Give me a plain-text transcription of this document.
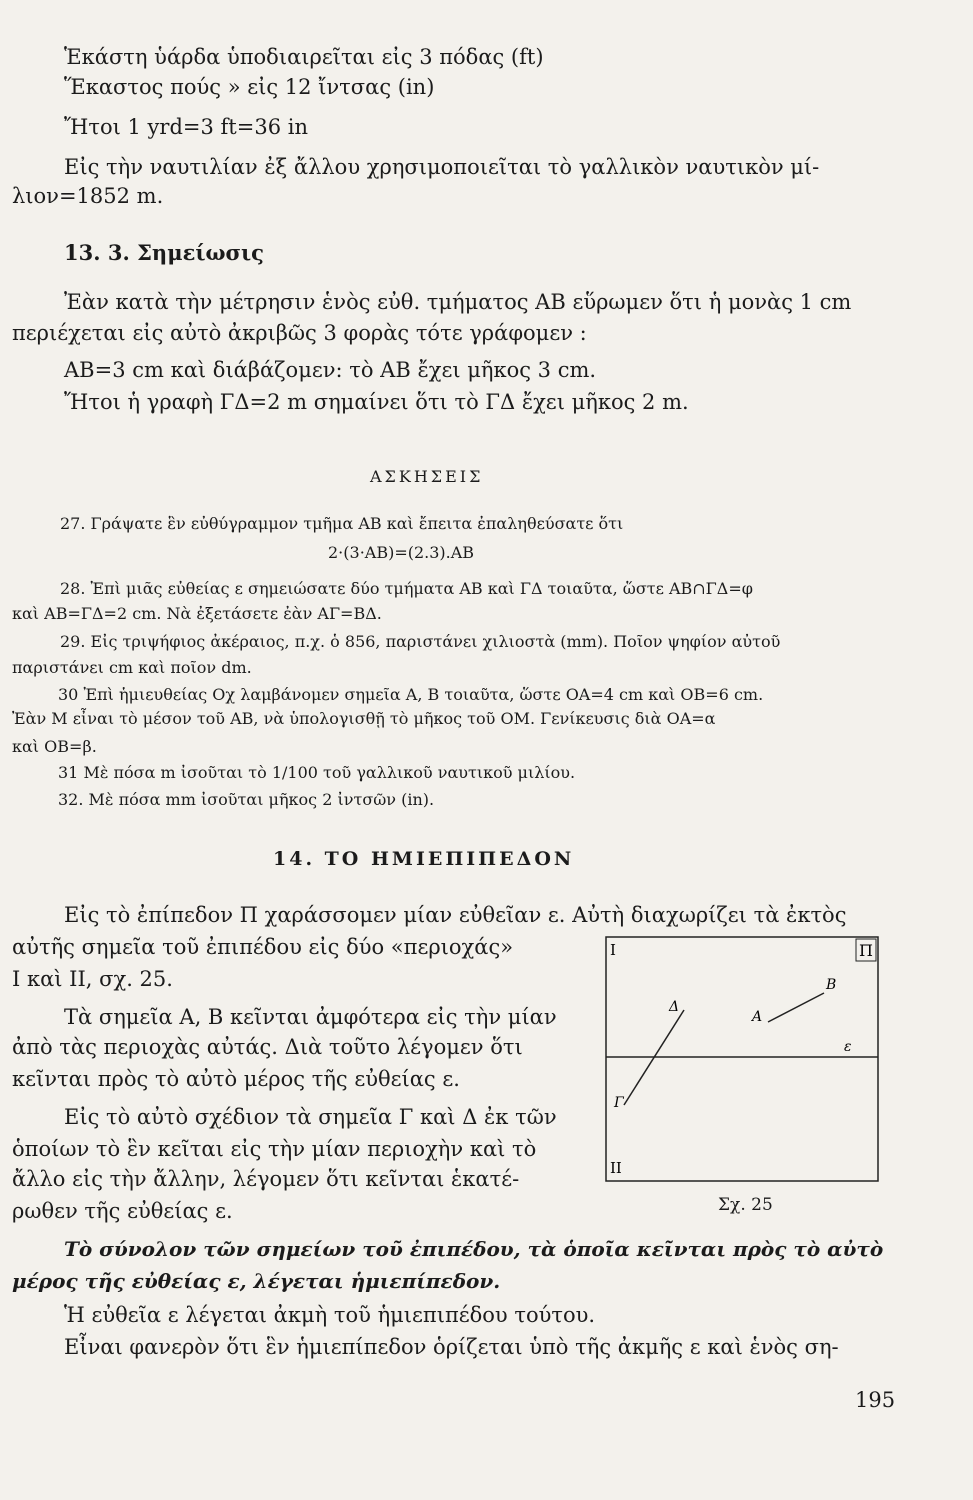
Ἑκάστη ὑάρδα ὑποδιαιρεῖται εἰς 3 πόδας (ft)
Ἕκαστος πούς » εἰς 12 ἴντσας (in)
Ἤτοι 1 yrd=3 ft=36 in
Εἰς τὴν ναυτιλίαν ἐξ ἄλλου χρησιμοποιεῖται τὸ γαλλικὸν ναυτικὸν μί-
λιον=1852 m.
13. 3. Σημείωσις
Ἐὰν κατὰ τὴν μέτρησιν ἑνὸς εὐθ. τμήματος ΑΒ εὕρωμεν ὅτι ἡ μονὰς 1 cm
περιέχεται εἰς αὐτὸ ἀκριβῶς 3 φορὰς τότε γράφομεν :
ΑΒ=3 cm καὶ διάβάζομεν: τὸ ΑΒ ἔχει μῆκος 3 cm.
Ἤτοι ἡ γραφὴ ΓΔ=2 m σημαίνει ὅτι τὸ ΓΔ ἔχει μῆκος 2 m.
ΑΣΚΗΣΕΙΣ
27. Γράψατε ἓν εὐθύγραμμον τμῆμα ΑΒ καὶ ἔπειτα ἐπαληθεύσατε ὅτι
2·(3·ΑΒ)=(2.3).ΑΒ
28. Ἐπὶ μιᾶς εὐθείας ε σημειώσατε δύο τμήματα ΑΒ καὶ ΓΔ τοιαῦτα, ὥστε ΑΒ∩ΓΔ=φ
καὶ ΑΒ=ΓΔ=2 cm. Νὰ ἐξετάσετε ἐὰν ΑΓ=ΒΔ.
29. Εἰς τριψήφιος ἀκέραιος, π.χ. ὁ 856, παριστάνει χιλιοστὰ (mm). Ποῖον ψηφίον αὐτοῦ
παριστάνει cm καὶ ποῖον dm.
30 Ἐπὶ ἡμιευθείας Οχ λαμβάνομεν σημεῖα Α, Β τοιαῦτα, ὥστε ΟΑ=4 cm καὶ ΟΒ=6 cm.
Ἐὰν Μ εἶναι τὸ μέσον τοῦ ΑΒ, νὰ ὑπολογισθῇ τὸ μῆκος τοῦ ΟΜ. Γενίκευσις διὰ ΟΑ=α
καὶ ΟΒ=β.
31 Μὲ πόσα m ἰσοῦται τὸ 1/100 τοῦ γαλλικοῦ ναυτικοῦ μιλίου.
32. Μὲ πόσα mm ἰσοῦται μῆκος 2 ἰντσῶν (in).
14. ΤΟ ΗΜΙΕΠΙΠΕΔΟΝ
Εἰς τὸ ἐπίπεδον Π χαράσσομεν μίαν εὐθεῖαν ε. Αὐτὴ διαχωρίζει τὰ ἐκτὸς
αὐτῆς σημεῖα τοῦ ἐπιπέδου εἰς δύο «περιοχάς»
Ι καὶ ΙΙ, σχ. 25.
Τὰ σημεῖα Α, Β κεῖνται ἀμφότερα εἰς τὴν μίαν
ἀπὸ τὰς περιοχὰς αὐτάς. Διὰ τοῦτο λέγομεν ὅτι
κεῖνται πρὸς τὸ αὐτὸ μέρος τῆς εὐθείας ε.
Εἰς τὸ αὐτὸ σχέδιον τὰ σημεῖα Γ καὶ Δ ἐκ τῶν
ὁποίων τὸ ἓν κεῖται εἰς τὴν μίαν περιοχὴν καὶ τὸ
ἄλλο εἰς τὴν ἄλλην, λέγομεν ὅτι κεῖνται ἑκατέ-
ρωθεν τῆς εὐθείας ε.
Τὸ σύνολον τῶν σημείων τοῦ ἐπιπέδου, τὰ ὁποῖα κεῖνται πρὸς τὸ αὐτὸ
μέρος τῆς εὐθείας ε, λέγεται ἡμιεπίπεδον.
Ἡ εὐθεῖα ε λέγεται ἀκμὴ τοῦ ἡμιεπιπέδου τούτου.
Εἶναι φανερὸν ὅτι ἓν ἡμιεπίπεδον ὁρίζεται ὑπὸ τῆς ἀκμῆς ε καὶ ἑνὸς ση-
Π
Ι
ΙΙ
ε
Α
Β
Δ
Γ
Σχ. 25
195
